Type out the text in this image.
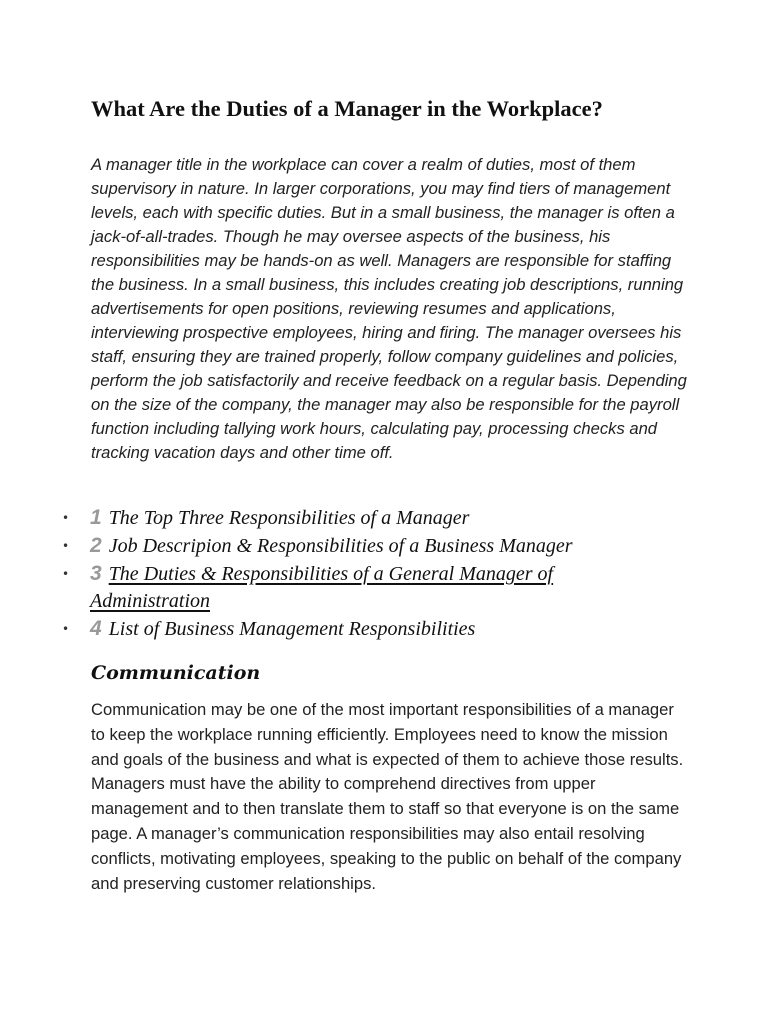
What Are the Duties of a Manager in the Workplace?

A manager title in the workplace can cover a realm of duties, most of them supervisory in nature. In larger corporations, you may find tiers of management levels, each with specific duties. But in a small business, the manager is often a jack-of-all-trades. Though he may oversee aspects of the business, his responsibilities may be hands-on as well. Managers are responsible for staffing the business. In a small business, this includes creating job descriptions, running advertisements for open positions, reviewing resumes and applications, interviewing prospective employees, hiring and firing. The manager oversees his staff, ensuring they are trained properly, follow company guidelines and policies, perform the job satisfactorily and receive feedback on a regular basis. Depending on the size of the company, the manager may also be responsible for the payroll function including tallying work hours, calculating pay, processing checks and tracking vacation days and other time off.

• 1 The Top Three Responsibilities of a Manager
• 2 Job Descripion & Responsibilities of a Business Manager
• 3 The Duties & Responsibilities of a General Manager of Administration
• 4 List of Business Management Responsibilities
Communication

Communication may be one of the most important responsibilities of a manager to keep the workplace running efficiently. Employees need to know the mission and goals of the business and what is expected of them to achieve those results. Managers must have the ability to comprehend directives from upper management and to then translate them to staff so that everyone is on the same page. A manager’s communication responsibilities may also entail resolving conflicts, motivating employees, speaking to the public on behalf of the company and preserving customer relationships.
